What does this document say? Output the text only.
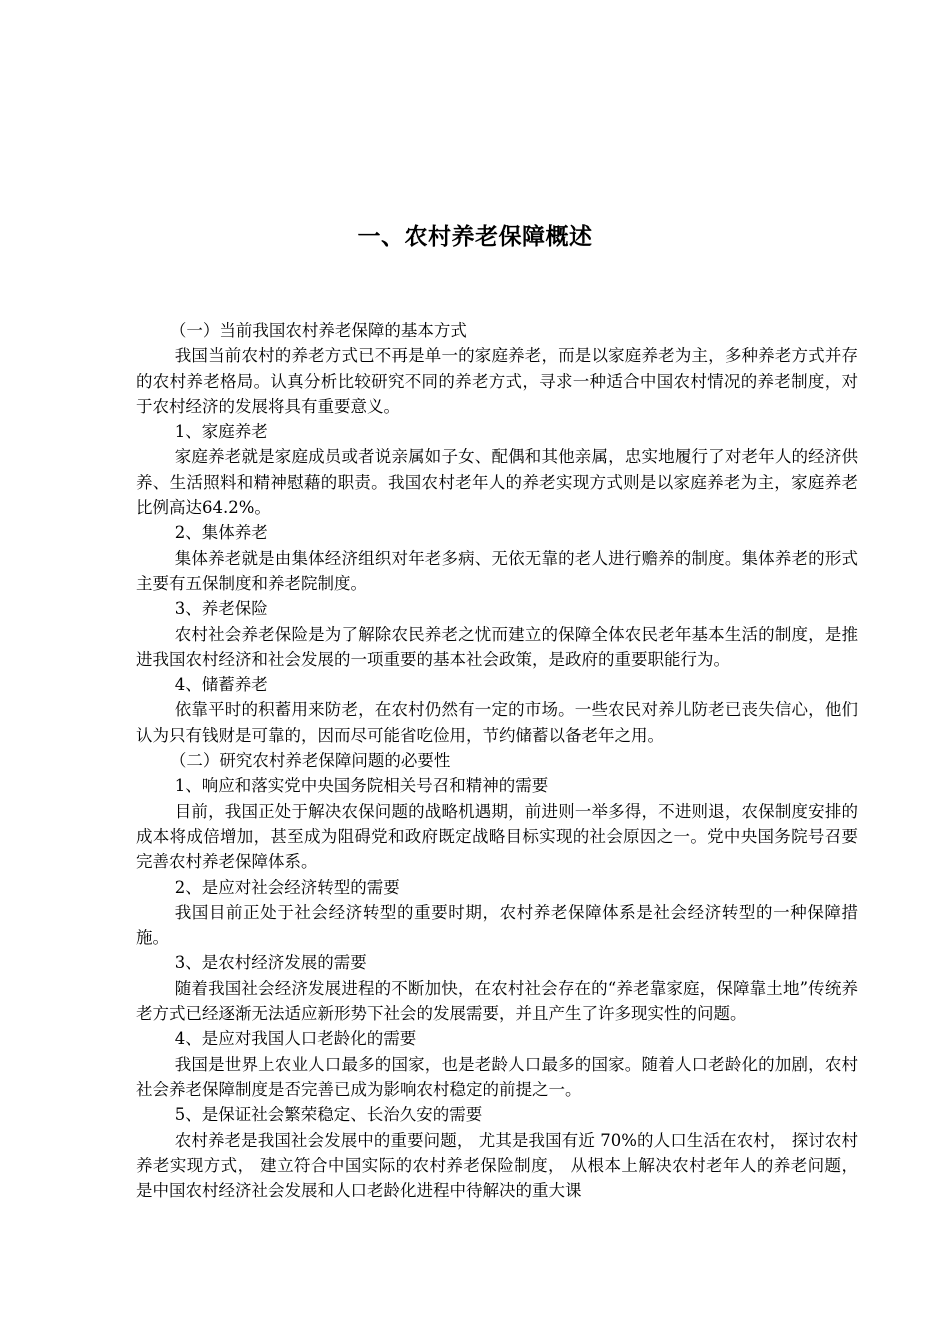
一、农村养老保障概述

（一）当前我国农村养老保障的基本方式

我国当前农村的养老方式已不再是单一的家庭养老，而是以家庭养老为主，多种养老方式并存的农村养老格局。认真分析比较研究不同的养老方式，寻求一种适合中国农村情况的养老制度，对于农村经济的发展将具有重要意义。

1、家庭养老

家庭养老就是家庭成员或者说亲属如子女、配偶和其他亲属，忠实地履行了对老年人的经济供养、生活照料和精神慰藉的职责。我国农村老年人的养老实现方式则是以家庭养老为主，家庭养老比例高达64.2%。

2、集体养老

集体养老就是由集体经济组织对年老多病、无依无靠的老人进行赡养的制度。集体养老的形式主要有五保制度和养老院制度。

3、养老保险

农村社会养老保险是为了解除农民养老之忧而建立的保障全体农民老年基本生活的制度，是推进我国农村经济和社会发展的一项重要的基本社会政策，是政府的重要职能行为。

4、储蓄养老

依靠平时的积蓄用来防老，在农村仍然有一定的市场。一些农民对养儿防老已丧失信心，他们认为只有钱财是可靠的，因而尽可能省吃俭用，节约储蓄以备老年之用。

（二）研究农村养老保障问题的必要性

1、响应和落实党中央国务院相关号召和精神的需要

目前，我国正处于解决农保问题的战略机遇期，前进则一举多得，不进则退，农保制度安排的成本将成倍增加，甚至成为阻碍党和政府既定战略目标实现的社会原因之一。党中央国务院号召要完善农村养老保障体系。

2、是应对社会经济转型的需要

我国目前正处于社会经济转型的重要时期，农村养老保障体系是社会经济转型的一种保障措施。

3、是农村经济发展的需要

随着我国社会经济发展进程的不断加快，在农村社会存在的“养老靠家庭，保障靠土地”传统养老方式已经逐渐无法适应新形势下社会的发展需要，并且产生了许多现实性的问题。

4、是应对我国人口老龄化的需要

我国是世界上农业人口最多的国家，也是老龄人口最多的国家。随着人口老龄化的加剧，农村社会养老保障制度是否完善已成为影响农村稳定的前提之一。

5、是保证社会繁荣稳定、长治久安的需要

农村养老是我国社会发展中的重要问题， 尤其是我国有近 70%的人口生活在农村， 探讨农村养老实现方式， 建立符合中国实际的农村养老保险制度， 从根本上解决农村老年人的养老问题， 是中国农村经济社会发展和人口老龄化进程中待解决的重大课
